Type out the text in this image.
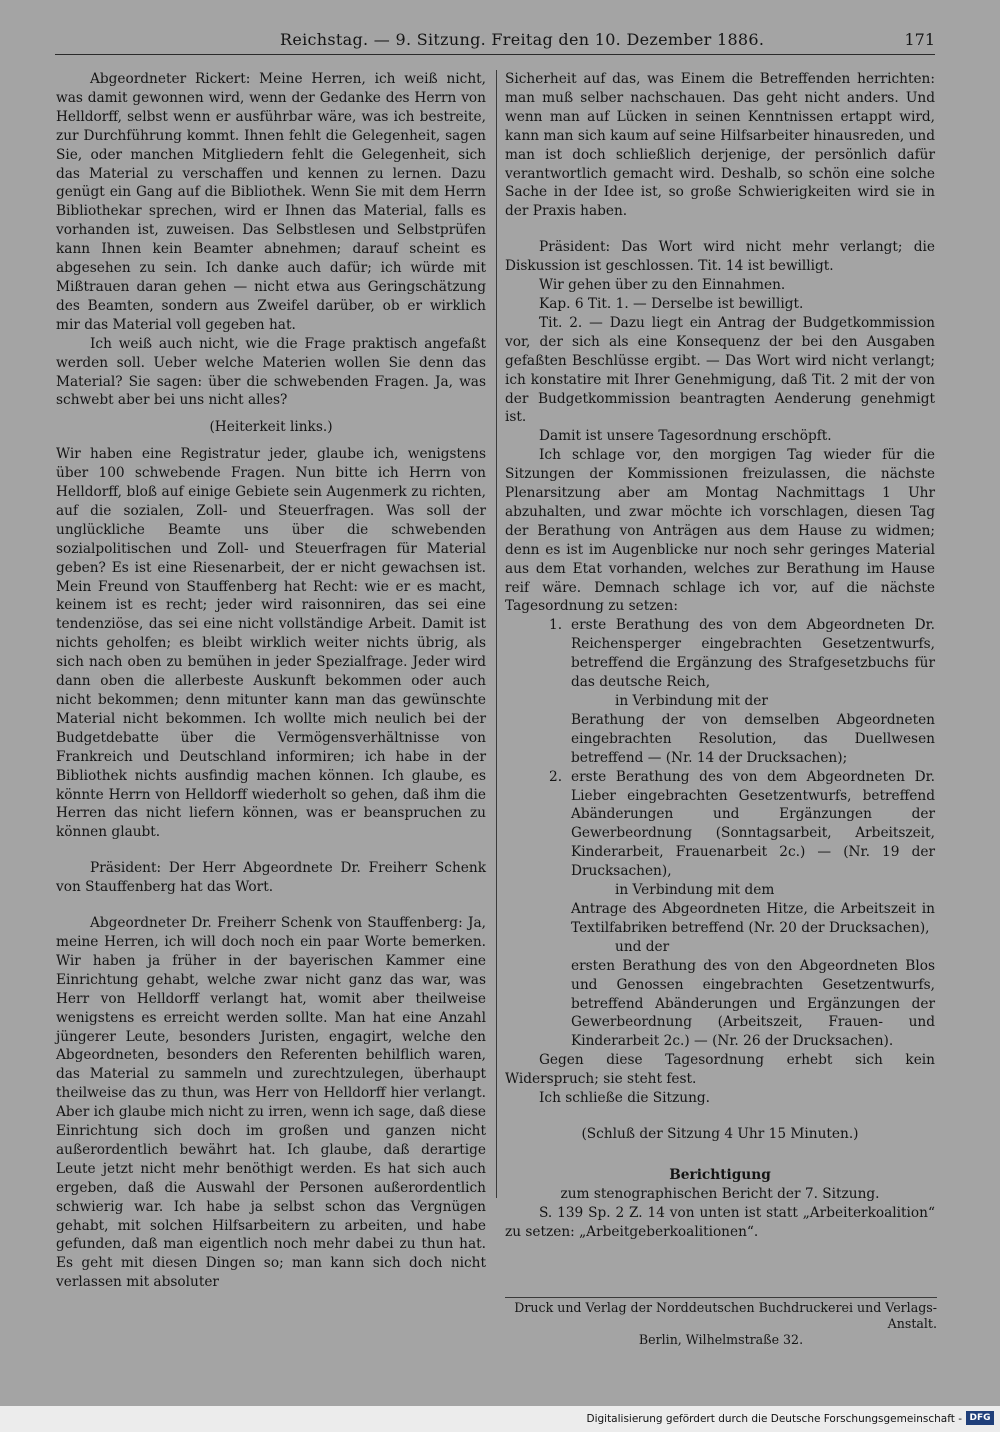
Reichstag. — 9. Sitzung. Freitag den 10. Dezember 1886.	171

Abgeordneter Rickert: Meine Herren, ich weiß nicht, was damit gewonnen wird, wenn der Gedanke des Herrn von Helldorff, selbst wenn er ausführbar wäre, was ich bestreite, zur Durchführung kommt. Ihnen fehlt die Gelegenheit, sagen Sie, oder manchen Mitgliedern fehlt die Gelegenheit, sich das Material zu verschaffen und kennen zu lernen. Dazu genügt ein Gang auf die Bibliothek. Wenn Sie mit dem Herrn Bibliothekar sprechen, wird er Ihnen das Material, falls es vorhanden ist, zuweisen. Das Selbstlesen und Selbstprüfen kann Ihnen kein Beamter abnehmen; darauf scheint es abgesehen zu sein. Ich danke auch dafür; ich würde mit Mißtrauen daran gehen — nicht etwa aus Geringschätzung des Beamten, sondern aus Zweifel darüber, ob er wirklich mir das Material voll gegeben hat.

Ich weiß auch nicht, wie die Frage praktisch angefaßt werden soll. Ueber welche Materien wollen Sie denn das Material? Sie sagen: über die schwebenden Fragen. Ja, was schwebt aber bei uns nicht alles?

(Heiterkeit links.)

Wir haben eine Registratur jeder, glaube ich, wenigstens über 100 schwebende Fragen. Nun bitte ich Herrn von Helldorff, bloß auf einige Gebiete sein Augenmerk zu richten, auf die sozialen, Zoll- und Steuerfragen. Was soll der unglückliche Beamte uns über die schwebenden sozialpolitischen und Zoll- und Steuerfragen für Material geben? Es ist eine Riesenarbeit, der er nicht gewachsen ist. Mein Freund von Stauffenberg hat Recht: wie er es macht, keinem ist es recht; jeder wird raisonniren, das sei eine tendenziöse, das sei eine nicht vollständige Arbeit. Damit ist nichts geholfen; es bleibt wirklich weiter nichts übrig, als sich nach oben zu bemühen in jeder Spezialfrage. Jeder wird dann oben die allerbeste Auskunft bekommen oder auch nicht bekommen; denn mitunter kann man das gewünschte Material nicht bekommen. Ich wollte mich neulich bei der Budgetdebatte über die Vermögensverhältnisse von Frankreich und Deutschland informiren; ich habe in der Bibliothek nichts ausfindig machen können. Ich glaube, es könnte Herrn von Helldorff wiederholt so gehen, daß ihm die Herren das nicht liefern können, was er beanspruchen zu können glaubt.

Präsident: Der Herr Abgeordnete Dr. Freiherr Schenk von Stauffenberg hat das Wort.

Abgeordneter Dr. Freiherr Schenk von Stauffenberg: Ja, meine Herren, ich will doch noch ein paar Worte bemerken. Wir haben ja früher in der bayerischen Kammer eine Einrichtung gehabt, welche zwar nicht ganz das war, was Herr von Helldorff verlangt hat, womit aber theilweise wenigstens es erreicht werden sollte. Man hat eine Anzahl jüngerer Leute, besonders Juristen, engagirt, welche den Abgeordneten, besonders den Referenten behilflich waren, das Material zu sammeln und zurechtzulegen, überhaupt theilweise das zu thun, was Herr von Helldorff hier verlangt. Aber ich glaube mich nicht zu irren, wenn ich sage, daß diese Einrichtung sich doch im großen und ganzen nicht außerordentlich bewährt hat. Ich glaube, daß derartige Leute jetzt nicht mehr benöthigt werden. Es hat sich auch ergeben, daß die Auswahl der Personen außerordentlich schwierig war. Ich habe ja selbst schon das Vergnügen gehabt, mit solchen Hilfsarbeitern zu arbeiten, und habe gefunden, daß man eigentlich noch mehr dabei zu thun hat. Es geht mit diesen Dingen so; man kann sich doch nicht verlassen mit absoluter

Sicherheit auf das, was Einem die Betreffenden herrichten: man muß selber nachschauen. Das geht nicht anders. Und wenn man auf Lücken in seinen Kenntnissen ertappt wird, kann man sich kaum auf seine Hilfsarbeiter hinausreden, und man ist doch schließlich derjenige, der persönlich dafür verantwortlich gemacht wird. Deshalb, so schön eine solche Sache in der Idee ist, so große Schwierigkeiten wird sie in der Praxis haben.

Präsident: Das Wort wird nicht mehr verlangt; die Diskussion ist geschlossen. Tit. 14 ist bewilligt.

Wir gehen über zu den Einnahmen.

Kap. 6 Tit. 1. — Derselbe ist bewilligt.

Tit. 2. — Dazu liegt ein Antrag der Budgetkommission vor, der sich als eine Konsequenz der bei den Ausgaben gefaßten Beschlüsse ergibt. — Das Wort wird nicht verlangt; ich konstatire mit Ihrer Genehmigung, daß Tit. 2 mit der von der Budgetkommission beantragten Aenderung genehmigt ist.

Damit ist unsere Tagesordnung erschöpft.

Ich schlage vor, den morgigen Tag wieder für die Sitzungen der Kommissionen freizulassen, die nächste Plenarsitzung aber am Montag Nachmittags 1 Uhr abzuhalten, und zwar möchte ich vorschlagen, diesen Tag der Berathung von Anträgen aus dem Hause zu widmen; denn es ist im Augenblicke nur noch sehr geringes Material aus dem Etat vorhanden, welches zur Berathung im Hause reif wäre. Demnach schlage ich vor, auf die nächste Tagesordnung zu setzen:

1. erste Berathung des von dem Abgeordneten Dr. Reichensperger eingebrachten Gesetzentwurfs, betreffend die Ergänzung des Strafgesetzbuchs für das deutsche Reich,

in Verbindung mit der

Berathung der von demselben Abgeordneten eingebrachten Resolution, das Duellwesen betreffend — (Nr. 14 der Drucksachen);

2. erste Berathung des von dem Abgeordneten Dr. Lieber eingebrachten Gesetzentwurfs, betreffend Abänderungen und Ergänzungen der Gewerbeordnung (Sonntagsarbeit, Arbeitszeit, Kinderarbeit, Frauenarbeit 2c.) — (Nr. 19 der Drucksachen),

in Verbindung mit dem

Antrage des Abgeordneten Hitze, die Arbeitszeit in Textilfabriken betreffend (Nr. 20 der Drucksachen),

und der

ersten Berathung des von den Abgeordneten Blos und Genossen eingebrachten Gesetzentwurfs, betreffend Abänderungen und Ergänzungen der Gewerbeordnung (Arbeitszeit, Frauen- und Kinderarbeit 2c.) — (Nr. 26 der Drucksachen).

Gegen diese Tagesordnung erhebt sich kein Widerspruch; sie steht fest.

Ich schließe die Sitzung.

(Schluß der Sitzung 4 Uhr 15 Minuten.)

Berichtigung

zum stenographischen Bericht der 7. Sitzung.

S. 139 Sp. 2 Z. 14 von unten ist statt „Arbeiterkoalition“ zu setzen: „Arbeitgeberkoalitionen“.

Druck und Verlag der Norddeutschen Buchdruckerei und Verlags-Anstalt.
Berlin, Wilhelmstraße 32.
Digitalisierung gefördert durch die Deutsche Forschungsgemeinschaft - DFG
